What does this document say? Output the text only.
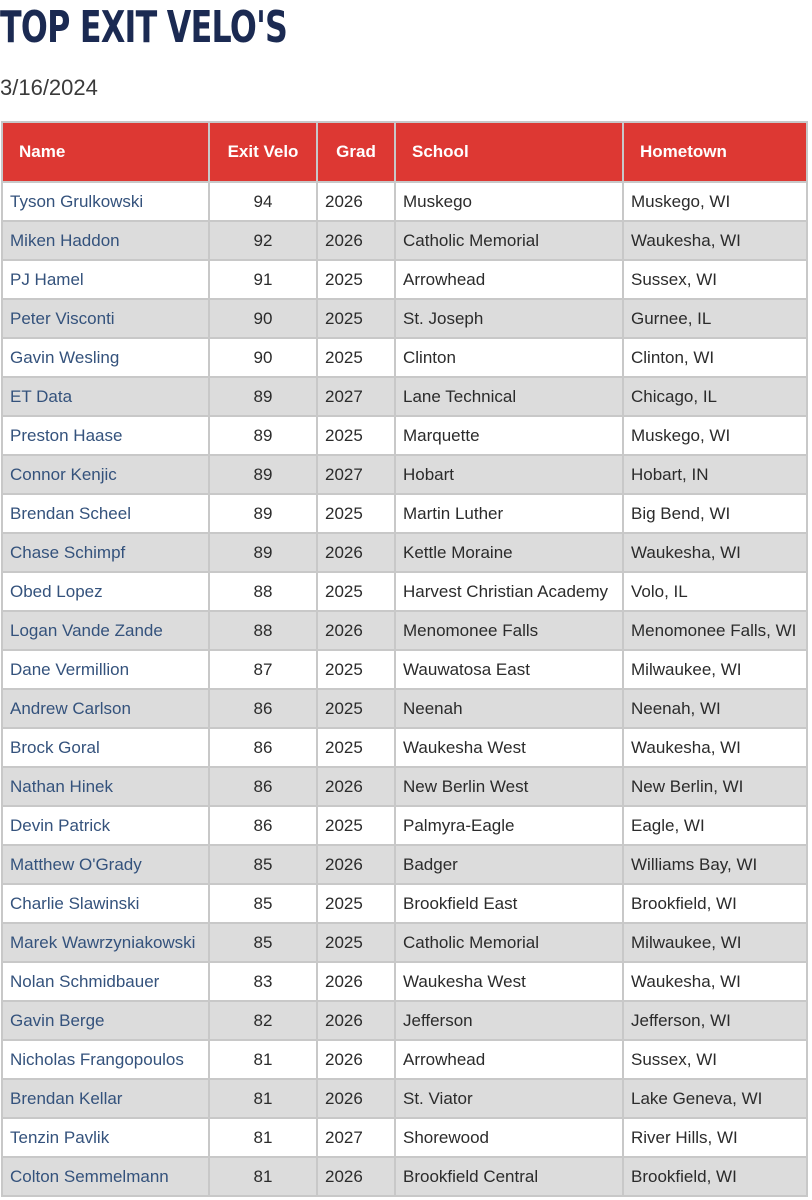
TOP EXIT VELO'S
3/16/2024
Name	Exit Velo	Grad	School	Hometown
Tyson Grulkowski	94	2026	Muskego	Muskego, WI
Miken Haddon	92	2026	Catholic Memorial	Waukesha, WI
PJ Hamel	91	2025	Arrowhead	Sussex, WI
Peter Visconti	90	2025	St. Joseph	Gurnee, IL
Gavin Wesling	90	2025	Clinton	Clinton, WI
ET Data	89	2027	Lane Technical	Chicago, IL
Preston Haase	89	2025	Marquette	Muskego, WI
Connor Kenjic	89	2027	Hobart	Hobart, IN
Brendan Scheel	89	2025	Martin Luther	Big Bend, WI
Chase Schimpf	89	2026	Kettle Moraine	Waukesha, WI
Obed Lopez	88	2025	Harvest Christian Academy	Volo, IL
Logan Vande Zande	88	2026	Menomonee Falls	Menomonee Falls, WI
Dane Vermillion	87	2025	Wauwatosa East	Milwaukee, WI
Andrew Carlson	86	2025	Neenah	Neenah, WI
Brock Goral	86	2025	Waukesha West	Waukesha, WI
Nathan Hinek	86	2026	New Berlin West	New Berlin, WI
Devin Patrick	86	2025	Palmyra-Eagle	Eagle, WI
Matthew O'Grady	85	2026	Badger	Williams Bay, WI
Charlie Slawinski	85	2025	Brookfield East	Brookfield, WI
Marek Wawrzyniakowski	85	2025	Catholic Memorial	Milwaukee, WI
Nolan Schmidbauer	83	2026	Waukesha West	Waukesha, WI
Gavin Berge	82	2026	Jefferson	Jefferson, WI
Nicholas Frangopoulos	81	2026	Arrowhead	Sussex, WI
Brendan Kellar	81	2026	St. Viator	Lake Geneva, WI
Tenzin Pavlik	81	2027	Shorewood	River Hills, WI
Colton Semmelmann	81	2026	Brookfield Central	Brookfield, WI
